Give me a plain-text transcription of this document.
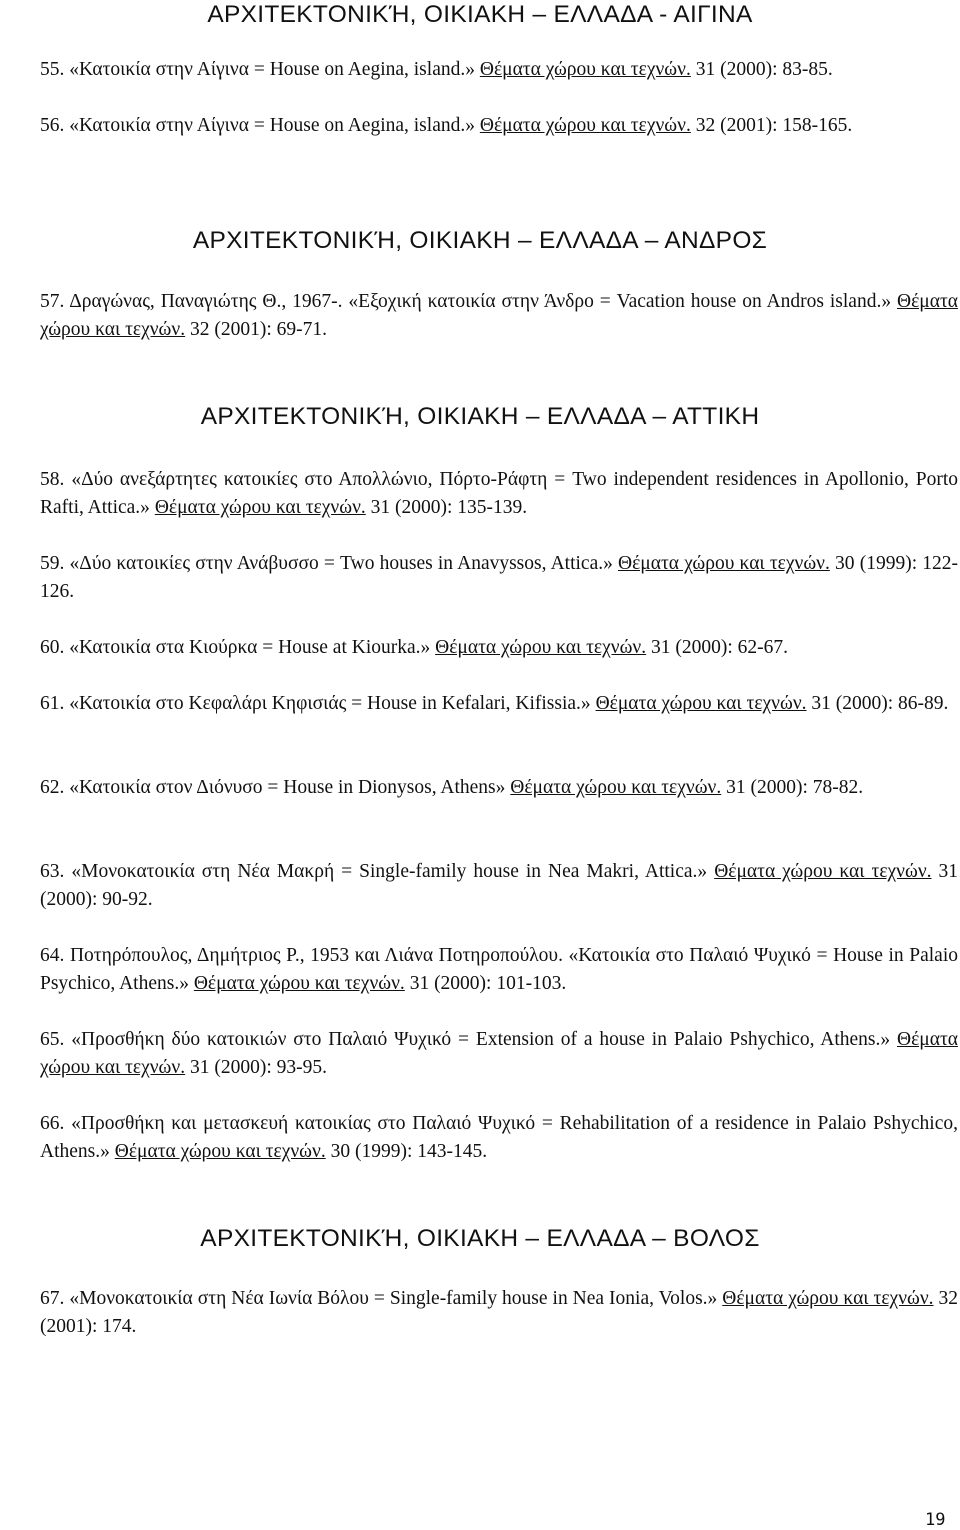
ΑΡΧΙΤΕΚΤΟΝΙΚΉ, ΟΙΚΙΑΚΗ – ΕΛΛΑΔΑ - ΑΙΓΙΝΑ
55. «Κατοικία στην Αίγινα = House on Aegina, island.» Θέματα χώρου και τεχνών. 31 (2000): 83-85.
56. «Κατοικία στην Αίγινα = House on Aegina, island.» Θέματα χώρου και τεχνών. 32 (2001): 158-165.
ΑΡΧΙΤΕΚΤΟΝΙΚΉ, ΟΙΚΙΑΚΗ – ΕΛΛΑΔΑ – ΑΝΔΡΟΣ
57. Δραγώνας, Παναγιώτης Θ., 1967-. «Εξοχική κατοικία στην Άνδρο = Vacation house on Andros island.» Θέματα χώρου και τεχνών. 32 (2001): 69-71.
ΑΡΧΙΤΕΚΤΟΝΙΚΉ, ΟΙΚΙΑΚΗ – ΕΛΛΑΔΑ – ΑΤΤΙΚΗ
58. «Δύο ανεξάρτητες κατοικίες στο Απολλώνιο, Πόρτο-Ράφτη = Two independent residences in Apollonio, Porto Rafti, Attica.» Θέματα χώρου και τεχνών. 31 (2000): 135-139.
59. «Δύο κατοικίες στην Ανάβυσσο = Two houses in Anavyssos, Attica.» Θέματα χώρου και τεχνών. 30 (1999): 122-126.
60. «Κατοικία στα Κιούρκα = House at Kiourka.» Θέματα χώρου και τεχνών. 31 (2000): 62-67.
61. «Κατοικία στο Κεφαλάρι Κηφισιάς = House in Kefalari, Kifissia.» Θέματα χώρου και τεχνών. 31 (2000): 86-89.
62. «Κατοικία στον Διόνυσο = House in Dionysos, Athens» Θέματα χώρου και τεχνών. 31 (2000): 78-82.
63. «Μονοκατοικία στη Νέα Μακρή = Single-family house in Nea Makri, Attica.» Θέματα χώρου και τεχνών. 31 (2000): 90-92.
64. Ποτηρόπουλος, Δημήτριος Ρ., 1953 και Λιάνα Ποτηροπούλου. «Κατοικία στο Παλαιό Ψυχικό = House in Palaio Psychico, Athens.» Θέματα χώρου και τεχνών. 31 (2000): 101-103.
65. «Προσθήκη δύο κατοικιών στο Παλαιό Ψυχικό = Extension of a house in Palaio Pshychico, Athens.» Θέματα χώρου και τεχνών. 31 (2000): 93-95.
66. «Προσθήκη και μετασκευή κατοικίας στο Παλαιό Ψυχικό = Rehabilitation of a residence in Palaio Pshychico, Athens.» Θέματα χώρου και τεχνών. 30 (1999): 143-145.
ΑΡΧΙΤΕΚΤΟΝΙΚΉ, ΟΙΚΙΑΚΗ – ΕΛΛΑΔΑ – ΒΟΛΟΣ
67. «Μονοκατοικία στη Νέα Ιωνία Βόλου = Single-family house in Nea Ionia, Volos.» Θέματα χώρου και τεχνών. 32 (2001): 174.
19
